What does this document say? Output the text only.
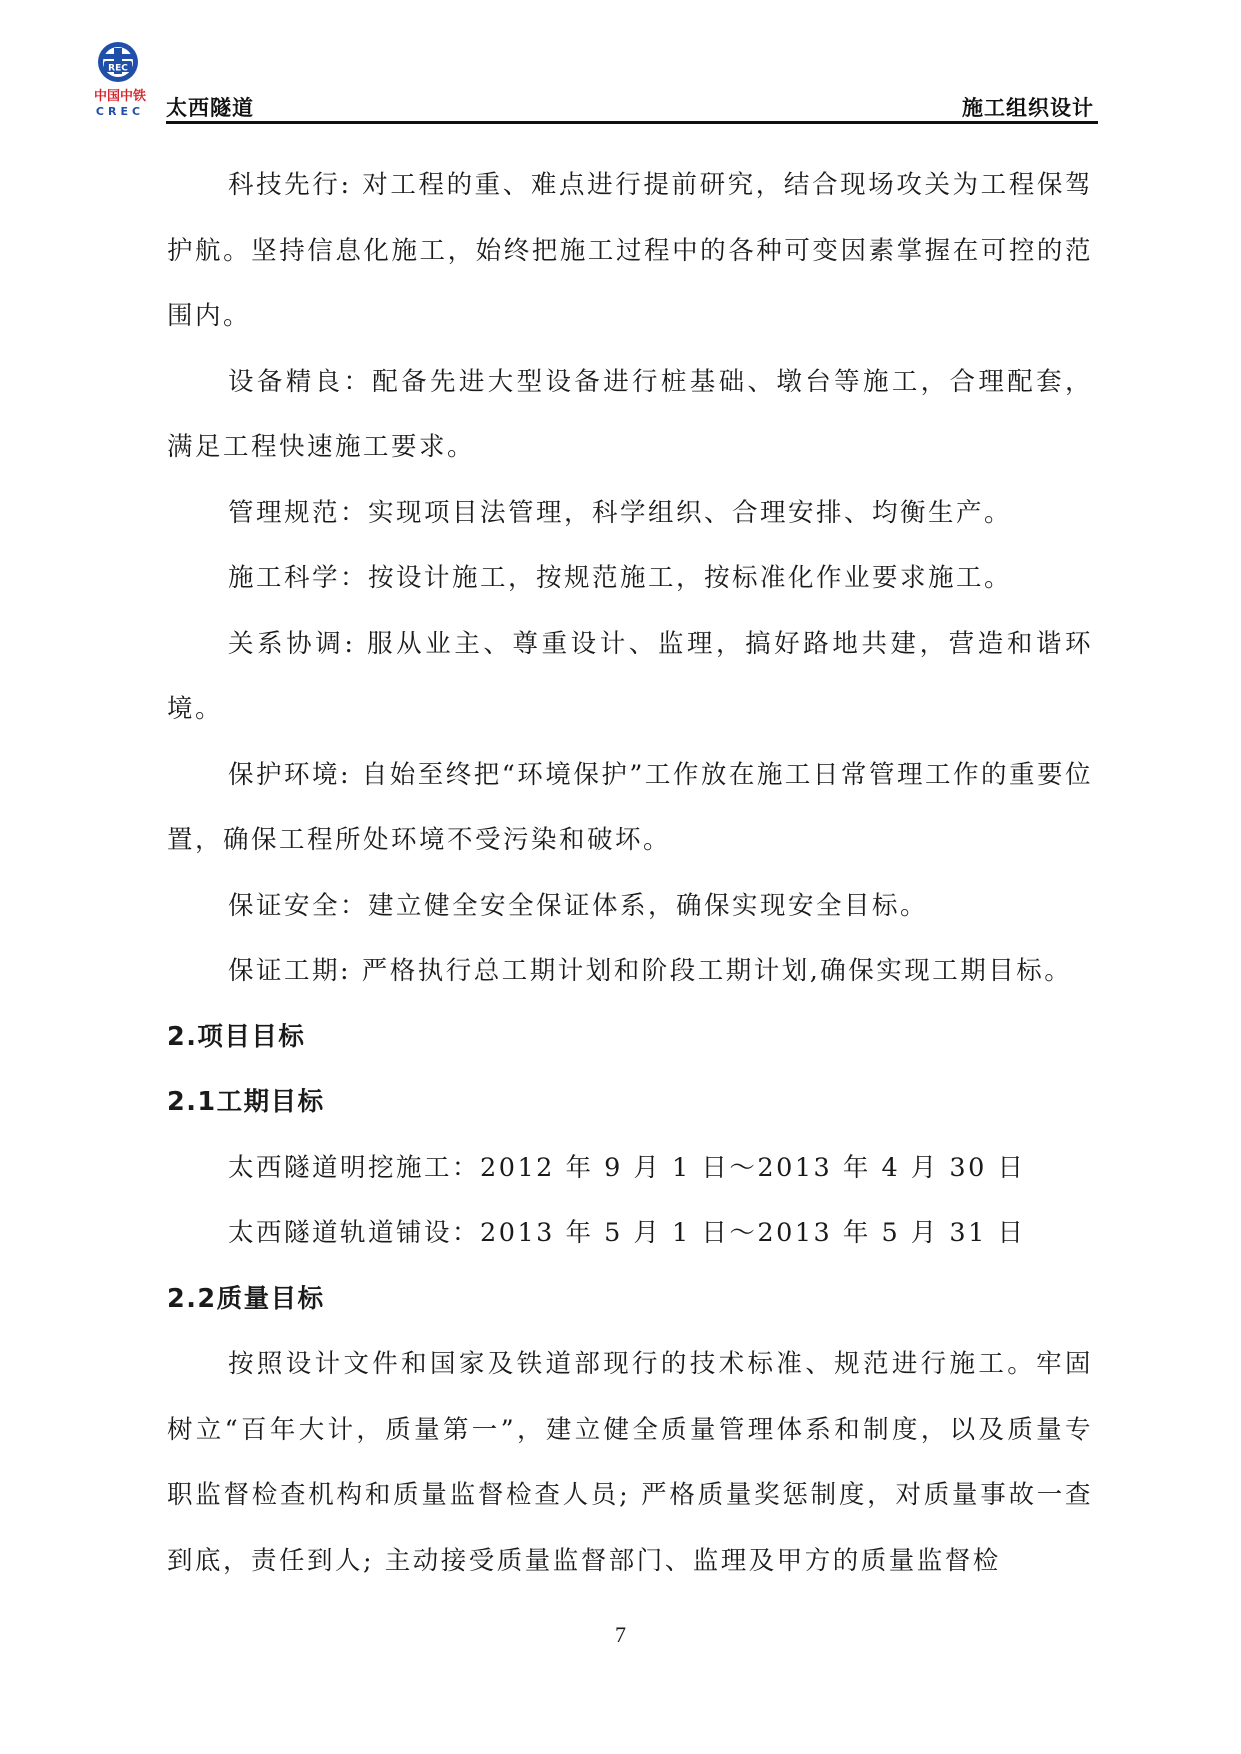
REC
中国中铁
CREC 太西隧道	施工组织设计

科技先行: 对工程的重、难点进行提前研究，结合现场攻关为工程保驾护航。坚持信息化施工，始终把施工过程中的各种可变因素掌握在可控的范围内。

设备精良：配备先进大型设备进行桩基础、墩台等施工，合理配套，满足工程快速施工要求。

管理规范：实现项目法管理，科学组织、合理安排、均衡生产。

施工科学：按设计施工，按规范施工，按标准化作业要求施工。

关系协调: 服从业主、尊重设计、监理，搞好路地共建，营造和谐环境。

保护环境: 自始至终把“环境保护”工作放在施工日常管理工作的重要位置，确保工程所处环境不受污染和破坏。

保证安全：建立健全安全保证体系，确保实现安全目标。

保证工期: 严格执行总工期计划和阶段工期计划,确保实现工期目标。

2.项目目标
2.1工期目标

太西隧道明挖施工：2012 年 9 月 1 日～2013 年 4 月 30 日

太西隧道轨道铺设：2013 年 5 月 1 日～2013 年 5 月 31 日

2.2质量目标

按照设计文件和国家及铁道部现行的技术标准、规范进行施工。牢固树立“百年大计，质量第一”，建立健全质量管理体系和制度，以及质量专职监督检查机构和质量监督检查人员; 严格质量奖惩制度，对质量事故一查到底，责任到人; 主动接受质量监督部门、监理及甲方的质量监督检

7
